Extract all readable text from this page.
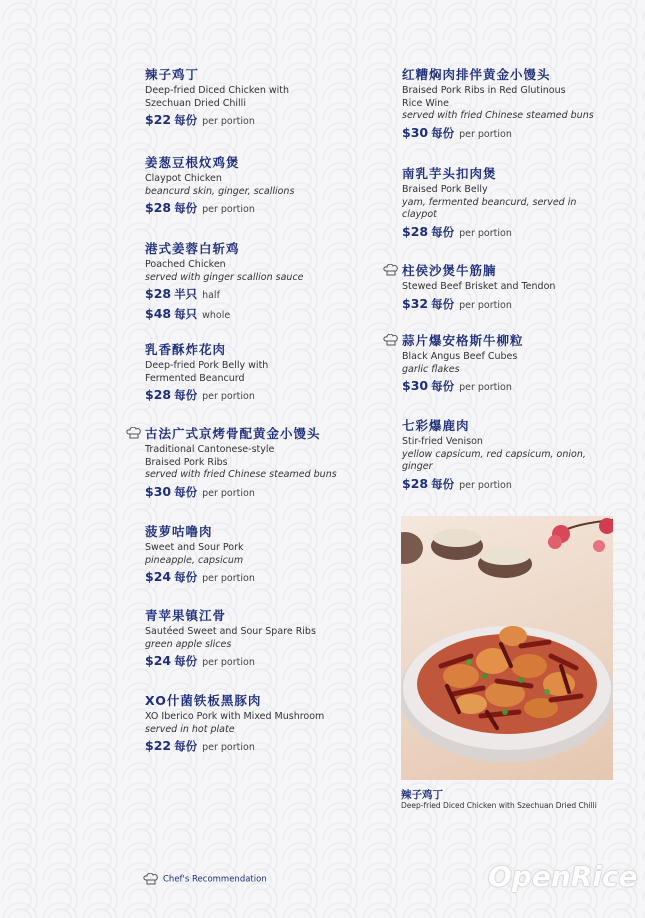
辣子鸡丁
Deep-fried Diced Chicken with
Szechuan Dried Chilli
$22 每份 per portion
姜葱豆根炆鸡煲
Claypot Chicken
beancurd skin, ginger, scallions
$28 每份 per portion
港式姜蓉白斩鸡
Poached Chicken
served with ginger scallion sauce
$28 半只 half
$48 每只 whole
乳香酥炸花肉
Deep-fried Pork Belly with
Fermented Beancurd
$28 每份 per portion
古法广式京烤骨配黄金小馒头
Traditional Cantonese-style
Braised Pork Ribs
served with fried Chinese steamed buns
$30 每份 per portion
菠萝咕噜肉
Sweet and Sour Pork
pineapple, capsicum
$24 每份 per portion
青苹果镇江骨
Sautéed Sweet and Sour Spare Ribs
green apple slices
$24 每份 per portion
XO什菌铁板黑豚肉
XO Iberico Pork with Mixed Mushroom
served in hot plate
$22 每份 per portion
红糟焖肉排伴黄金小馒头
Braised Pork Ribs in Red Glutinous
Rice Wine
served with fried Chinese steamed buns
$30 每份 per portion
南乳芋头扣肉煲
Braised Pork Belly
yam, fermented beancurd, served in
claypot
$28 每份 per portion
柱侯沙煲牛筋腩
Stewed Beef Brisket and Tendon
$32 每份 per portion
蒜片爆安格斯牛柳粒
Black Angus Beef Cubes
garlic flakes
$30 每份 per portion
七彩爆鹿肉
Stir-fried Venison
yellow capsicum, red capsicum, onion,
ginger
$28 每份 per portion
辣子鸡丁
Deep-fried Diced Chicken with Szechuan Dried Chilli
Chef's Recommendation	OpenRice
